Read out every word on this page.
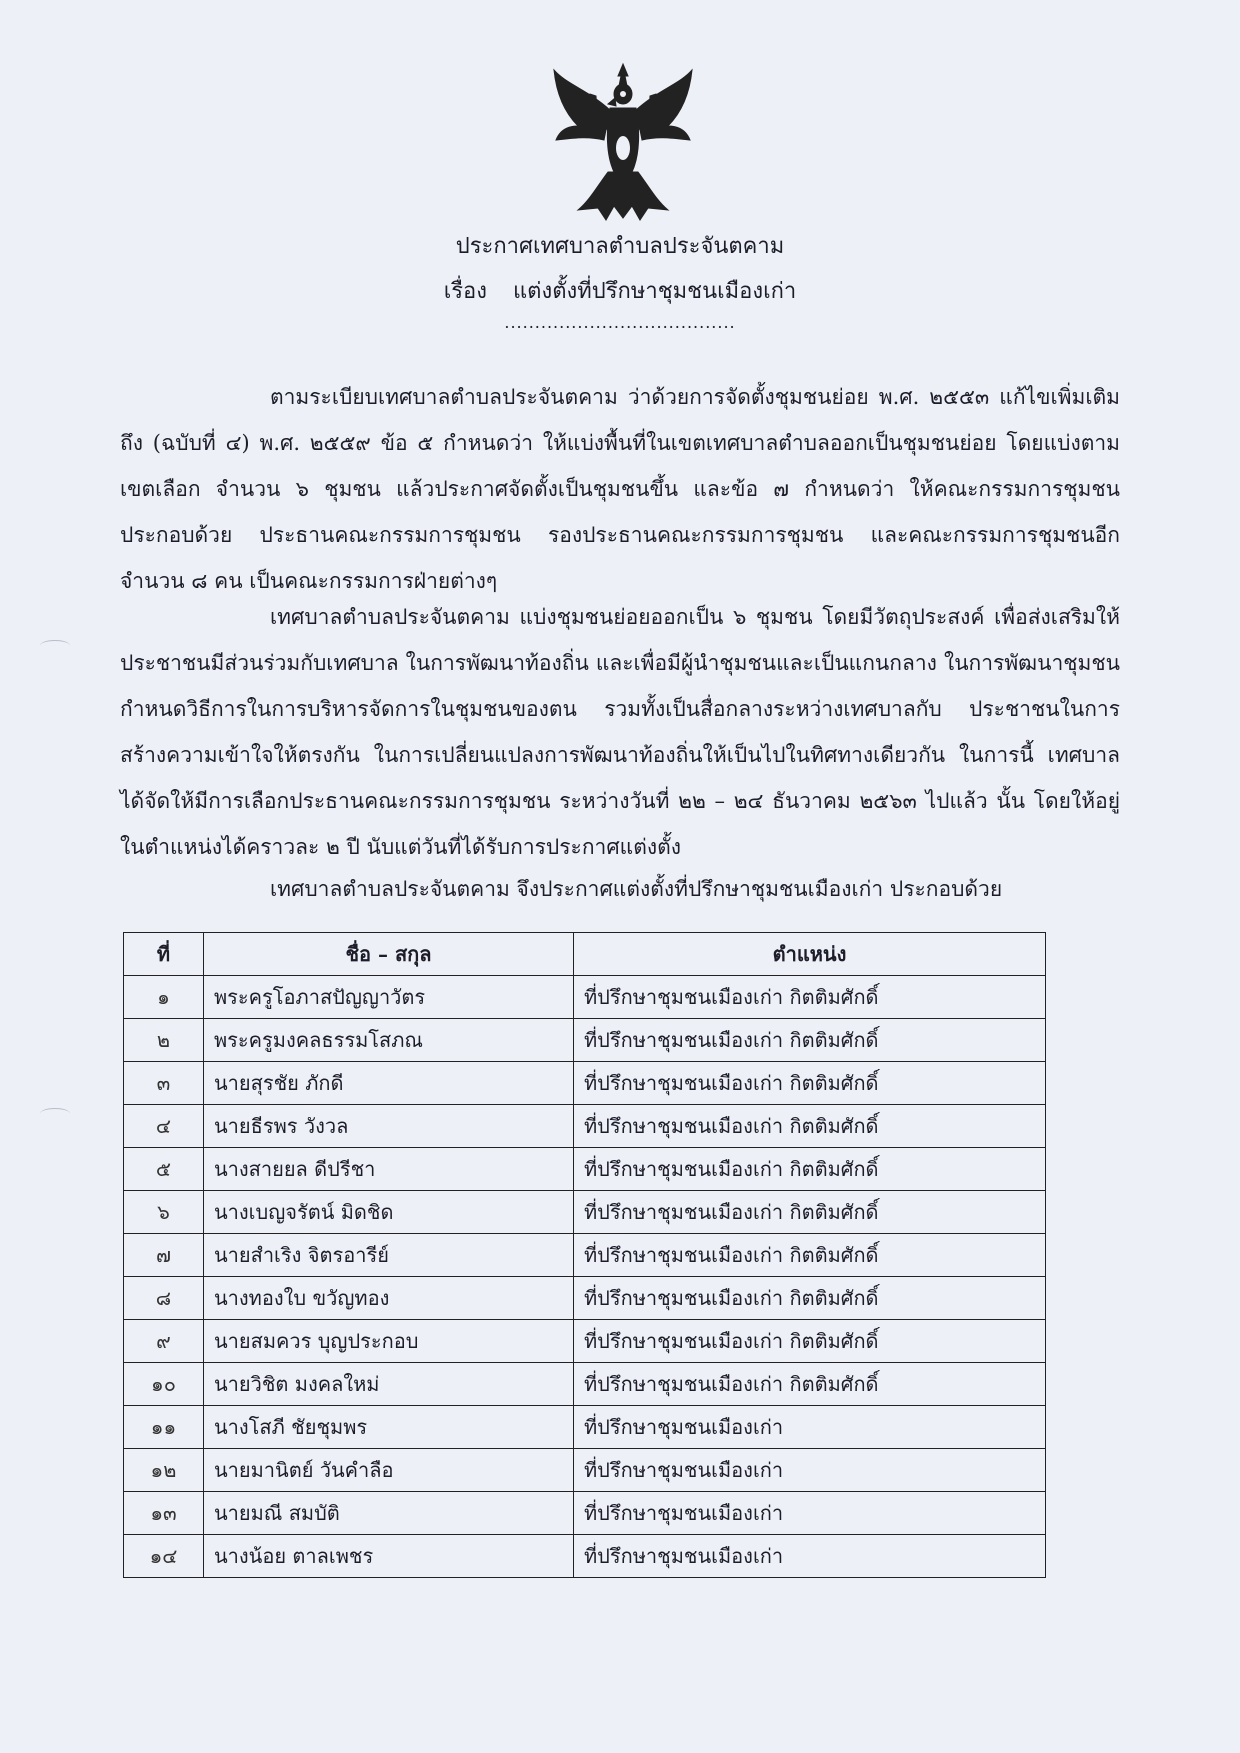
ประกาศเทศบาลตำบลประจันตคาม
เรื่อง แต่งตั้งที่ปรึกษาชุมชนเมืองเก่า
......................................
ตามระเบียบเทศบาลตำบลประจันตคาม ว่าด้วยการจัดตั้งชุมชนย่อย พ.ศ. ๒๕๕๓ แก้ไขเพิ่มเติมถึง (ฉบับที่ ๔) พ.ศ. ๒๕๕๙ ข้อ ๕ กำหนดว่า ให้แบ่งพื้นที่ในเขตเทศบาลตำบลออกเป็นชุมชนย่อย โดยแบ่งตามเขตเลือก จำนวน ๖ ชุมชน แล้วประกาศจัดตั้งเป็นชุมชนขึ้น และข้อ ๗ กำหนดว่า ให้คณะกรรมการชุมชน ประกอบด้วย ประธานคณะกรรมการชุมชน รองประธานคณะกรรมการชุมชน และคณะกรรมการชุมชนอีก จำนวน ๘ คน เป็นคณะกรรมการฝ่ายต่างๆ
เทศบาลตำบลประจันตคาม แบ่งชุมชนย่อยออกเป็น ๖ ชุมชน โดยมีวัตถุประสงค์ เพื่อส่งเสริมให้ประชาชนมีส่วนร่วมกับเทศบาล ในการพัฒนาท้องถิ่น และเพื่อมีผู้นำชุมชนและเป็นแกนกลาง ในการพัฒนาชุมชน กำหนดวิธีการในการบริหารจัดการในชุมชนของตน รวมทั้งเป็นสื่อกลางระหว่างเทศบาลกับ ประชาชนในการสร้างความเข้าใจให้ตรงกัน ในการเปลี่ยนแปลงการพัฒนาท้องถิ่นให้เป็นไปในทิศทางเดียวกัน ในการนี้ เทศบาลได้จัดให้มีการเลือกประธานคณะกรรมการชุมชน ระหว่างวันที่ ๒๒ – ๒๔ ธันวาคม ๒๕๖๓ ไปแล้ว นั้น โดยให้อยู่ในตำแหน่งได้คราวละ ๒ ปี นับแต่วันที่ได้รับการประกาศแต่งตั้ง
เทศบาลตำบลประจันตคาม จึงประกาศแต่งตั้งที่ปรึกษาชุมชนเมืองเก่า ประกอบด้วย
ที่	ชื่อ – สกุล	ตำแหน่ง
๑	พระครูโอภาสปัญญาวัตร	ที่ปรึกษาชุมชนเมืองเก่า กิตติมศักดิ์
๒	พระครูมงคลธรรมโสภณ	ที่ปรึกษาชุมชนเมืองเก่า กิตติมศักดิ์
๓	นายสุรชัย ภักดี	ที่ปรึกษาชุมชนเมืองเก่า กิตติมศักดิ์
๔	นายธีรพร วังวล	ที่ปรึกษาชุมชนเมืองเก่า กิตติมศักดิ์
๕	นางสายยล ดีปรีชา	ที่ปรึกษาชุมชนเมืองเก่า กิตติมศักดิ์
๖	นางเบญจรัตน์ มิดชิด	ที่ปรึกษาชุมชนเมืองเก่า กิตติมศักดิ์
๗	นายสำเริง จิตรอารีย์	ที่ปรึกษาชุมชนเมืองเก่า กิตติมศักดิ์
๘	นางทองใบ ขวัญทอง	ที่ปรึกษาชุมชนเมืองเก่า กิตติมศักดิ์
๙	นายสมควร บุญประกอบ	ที่ปรึกษาชุมชนเมืองเก่า กิตติมศักดิ์
๑๐	นายวิชิต มงคลใหม่	ที่ปรึกษาชุมชนเมืองเก่า กิตติมศักดิ์
๑๑	นางโสภี ชัยชุมพร	ที่ปรึกษาชุมชนเมืองเก่า
๑๒	นายมานิตย์ วันคำลือ	ที่ปรึกษาชุมชนเมืองเก่า
๑๓	นายมณี สมบัติ	ที่ปรึกษาชุมชนเมืองเก่า
๑๔	นางน้อย ตาลเพชร	ที่ปรึกษาชุมชนเมืองเก่า
